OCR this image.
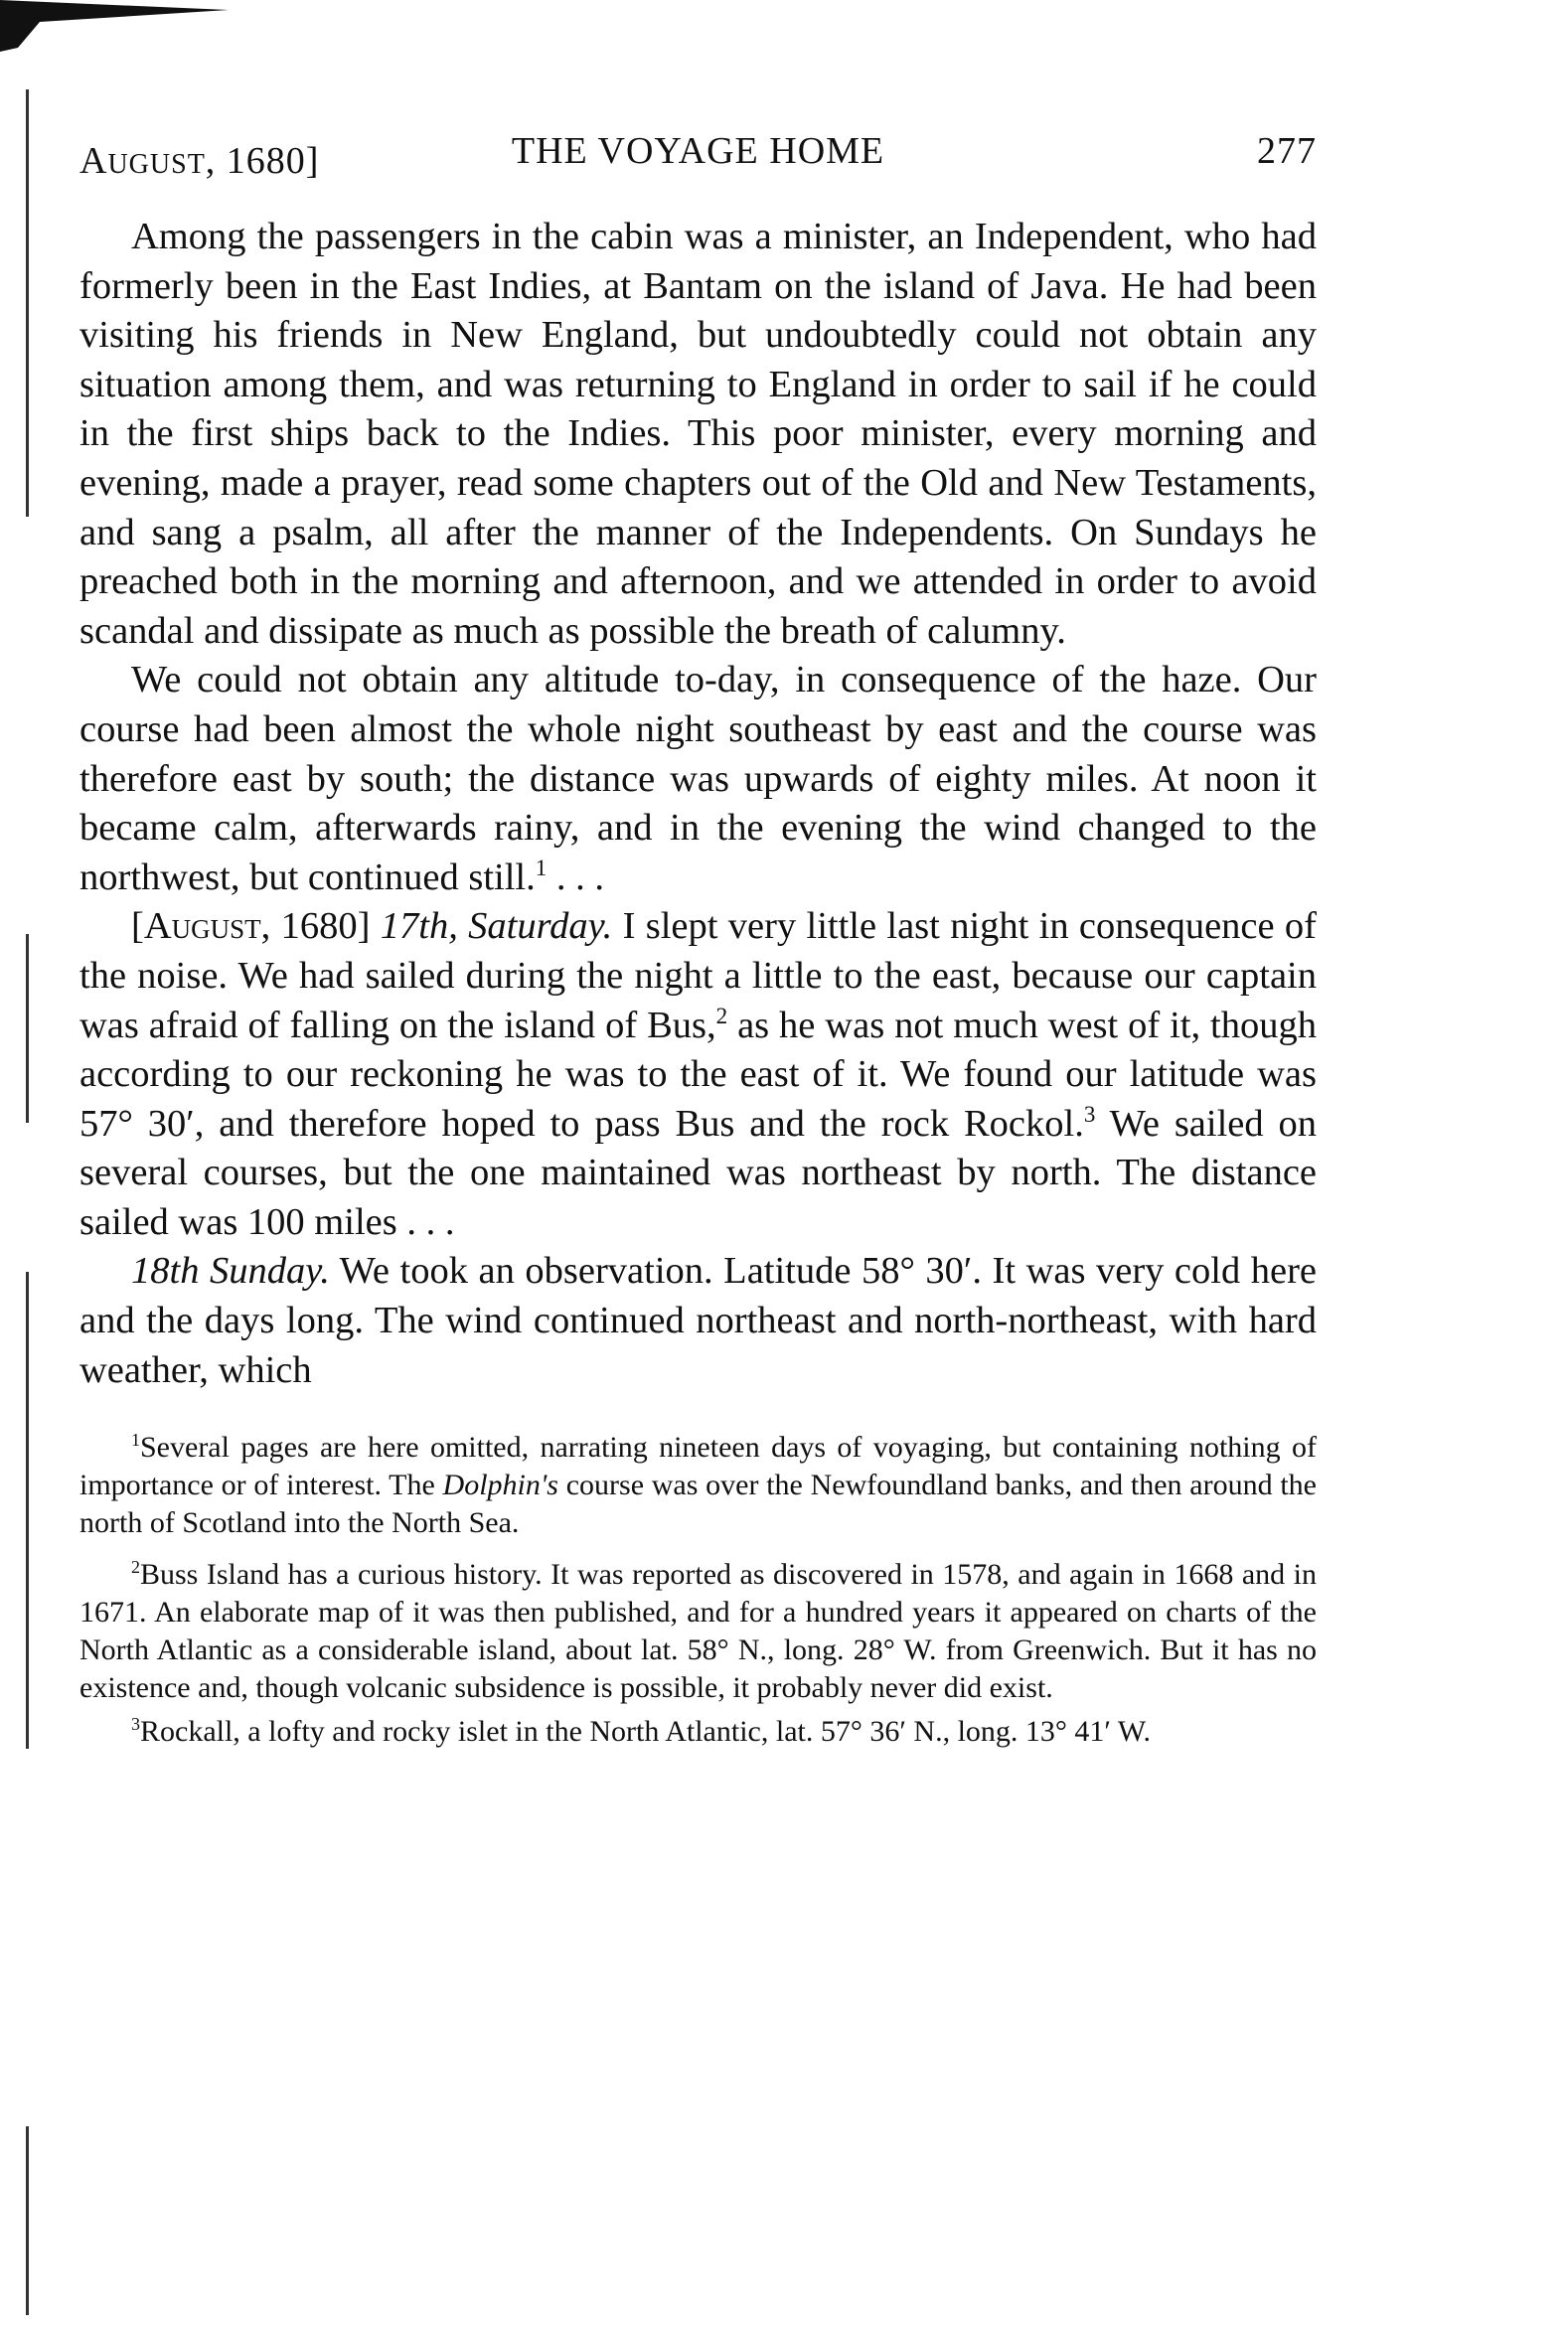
AUGUST, 1680]	THE VOYAGE HOME	277

Among the passengers in the cabin was a minister, an Independent, who had formerly been in the East Indies, at Bantam on the island of Java. He had been visiting his friends in New England, but undoubtedly could not obtain any situation among them, and was returning to England in order to sail if he could in the first ships back to the Indies. This poor minister, every morning and evening, made a prayer, read some chapters out of the Old and New Testaments, and sang a psalm, all after the manner of the Independents. On Sundays he preached both in the morning and afternoon, and we attended in order to avoid scandal and dissipate as much as possible the breath of calumny.

We could not obtain any altitude to-day, in consequence of the haze. Our course had been almost the whole night southeast by east and the course was therefore east by south; the distance was upwards of eighty miles. At noon it became calm, afterwards rainy, and in the evening the wind changed to the northwest, but continued still.$^1$ . . .

[August, 1680] 17th, Saturday. I slept very little last night in consequence of the noise. We had sailed during the night a little to the east, because our captain was afraid of falling on the island of Bus,$^2$ as he was not much west of it, though according to our reckoning he was to the east of it. We found our latitude was 57° 30′, and therefore hoped to pass Bus and the rock Rockol.$^3$ We sailed on several courses, but the one maintained was northeast by north. The distance sailed was 100 miles . . .

18th Sunday. We took an observation. Latitude 58° 30′. It was very cold here and the days long. The wind continued northeast and north-northeast, with hard weather, which

$^1$Several pages are here omitted, narrating nineteen days of voyaging, but containing nothing of importance or of interest. The Dolphin's course was over the Newfoundland banks, and then around the north of Scotland into the North Sea.

$^2$Buss Island has a curious history. It was reported as discovered in 1578, and again in 1668 and in 1671. An elaborate map of it was then published, and for a hundred years it appeared on charts of the North Atlantic as a considerable island, about lat. 58° N., long. 28° W. from Greenwich. But it has no existence and, though volcanic subsidence is possible, it probably never did exist.

$^3$Rockall, a lofty and rocky islet in the North Atlantic, lat. 57° 36′ N., long. 13° 41′ W.
